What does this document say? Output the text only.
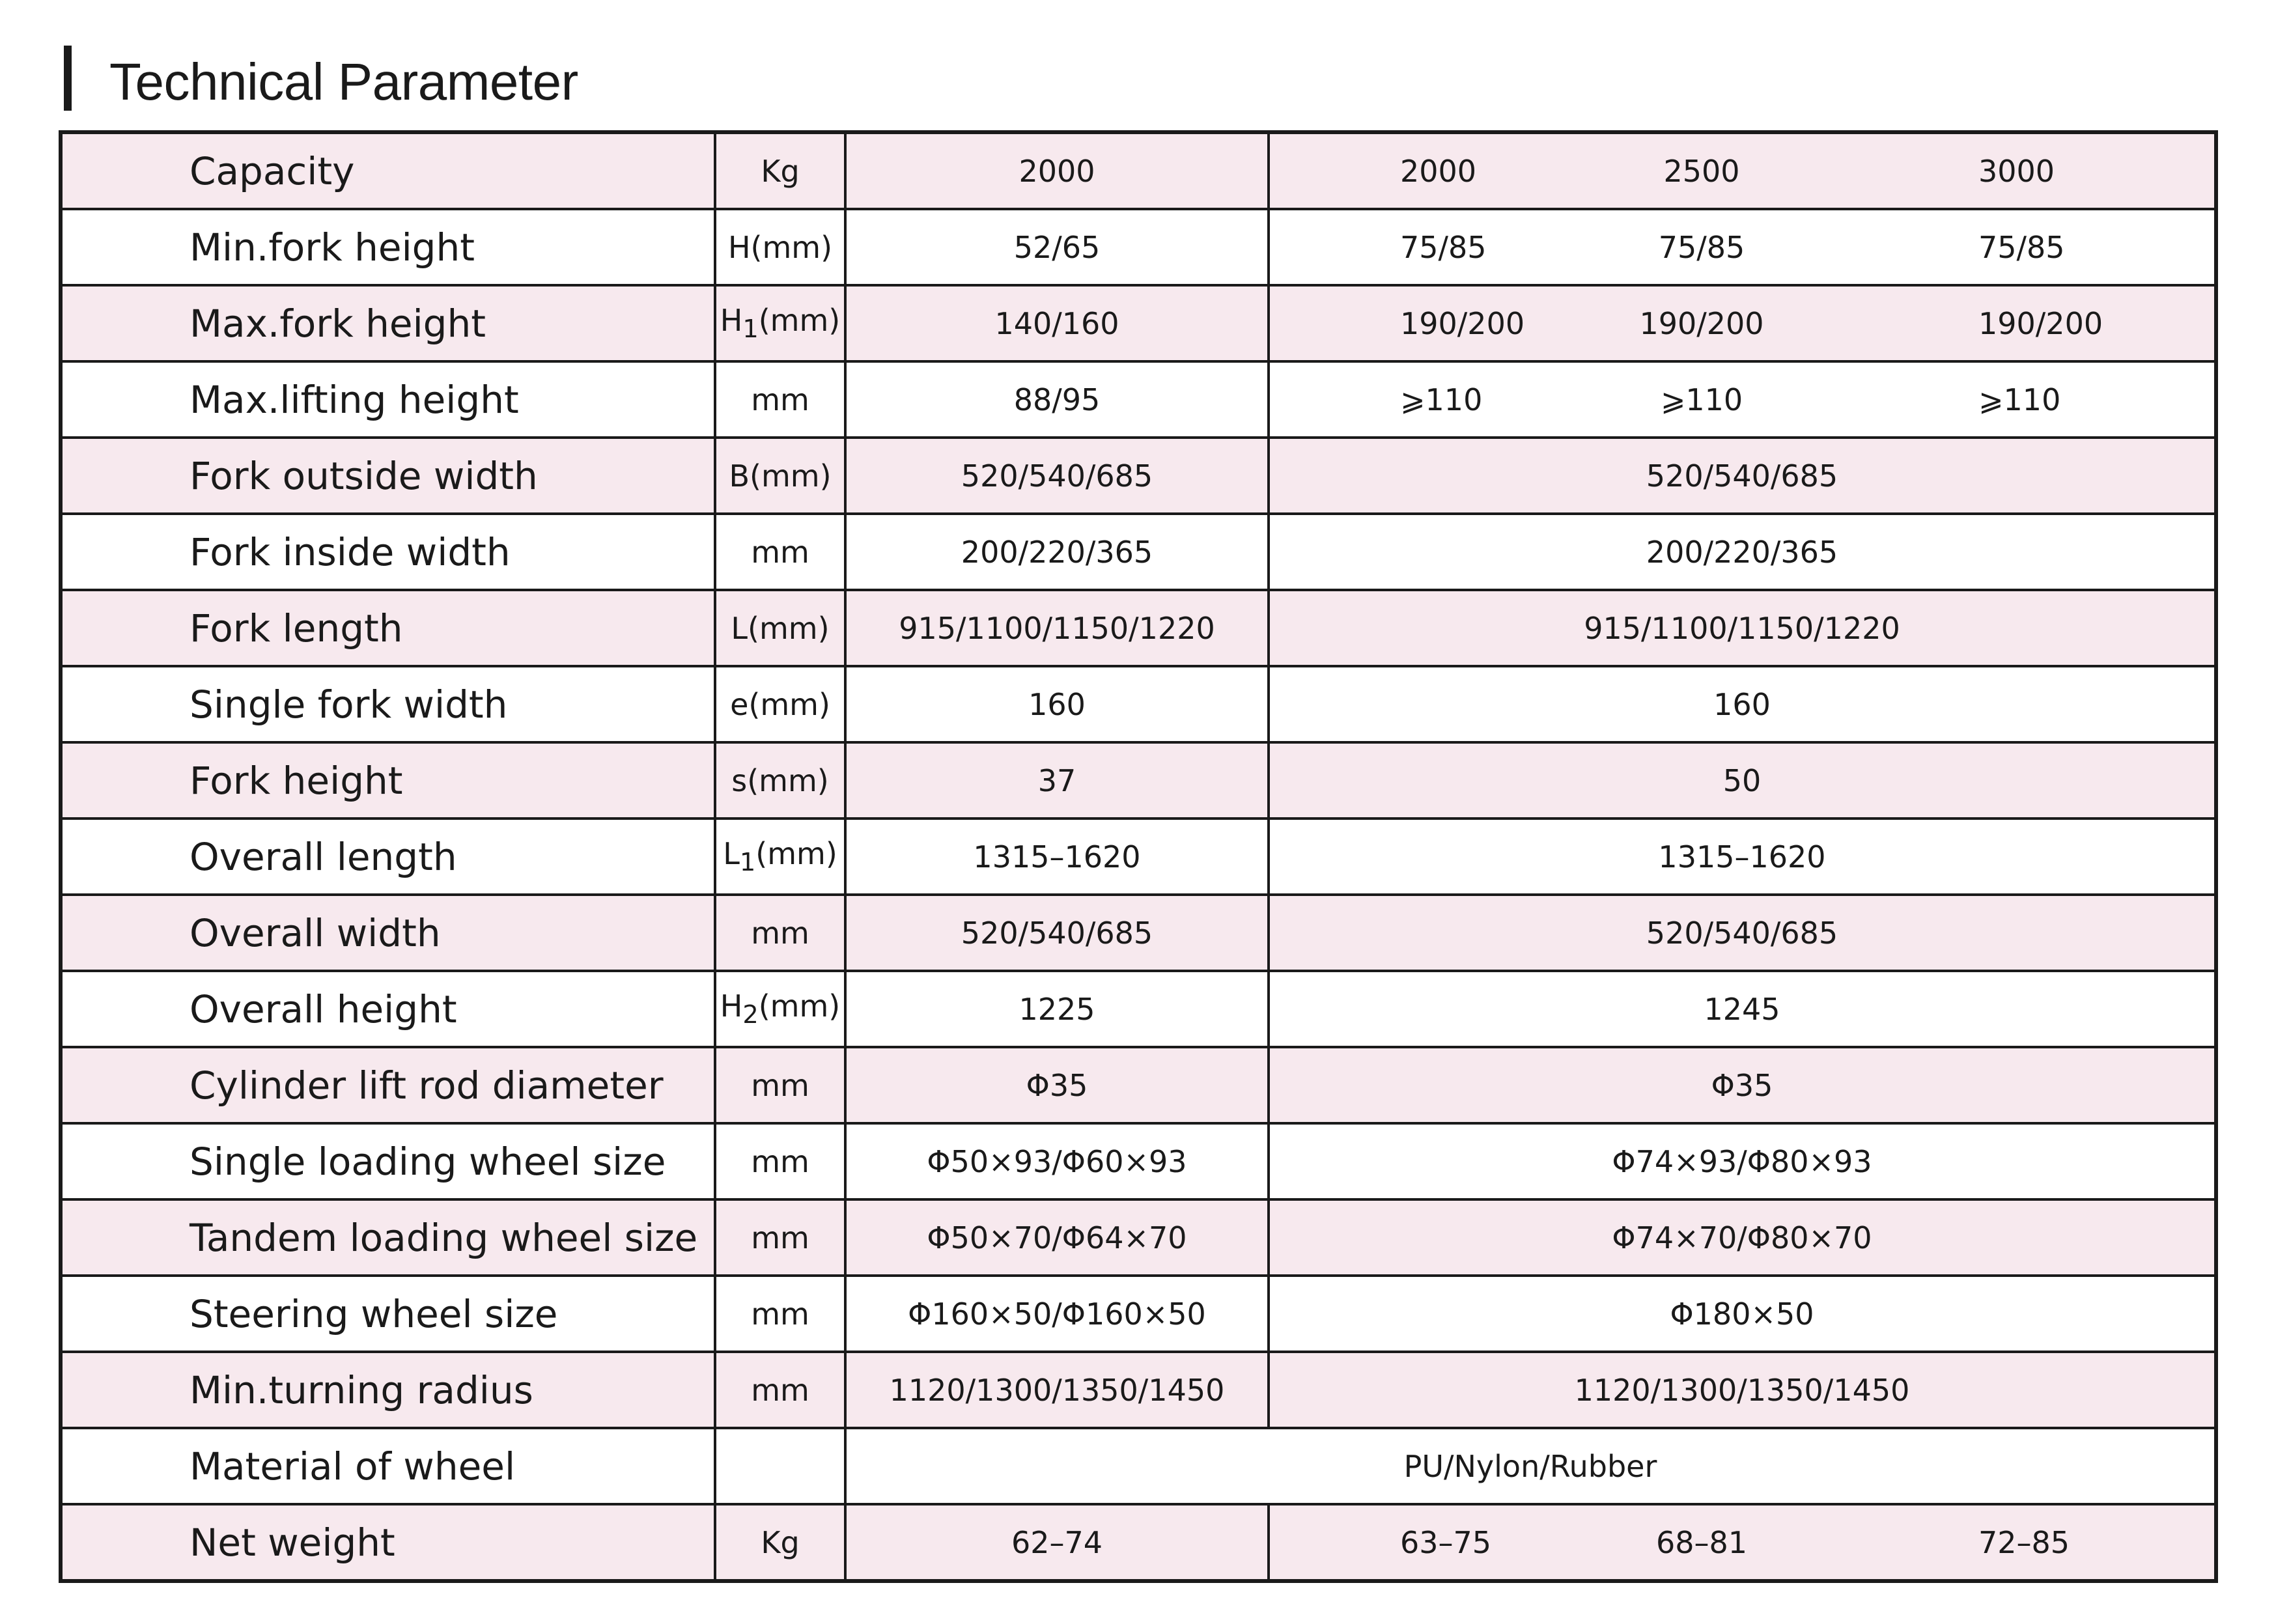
Technical Parameter
Capacity	Kg	2000	2000	2500	3000
Min.fork height	H(mm)	52/65	75/85	75/85	75/85
Max.fork height	$H_1(mm)$	140/160	190/200	190/200	190/200
Max.lifting height	mm	88/95	⩾110	⩾110	⩾110
Fork outside width	B(mm)	520/540/685	520/540/685		
Fork inside width	mm	200/220/365	200/220/365		
Fork length	L(mm)	915/1100/1150/1220	915/1100/1150/1220		
Single fork width	e(mm)	160	160		
Fork height	s(mm)	37	50		
Overall length	$L_1(mm)$	1315–1620	1315–1620		
Overall width	mm	520/540/685	520/540/685		
Overall height	$H_2(mm)$	1225	1245		
Cylinder lift rod diameter	mm	Φ35	Φ35		
Single loading wheel size	mm	Φ50×93/Φ60×93	Φ74×93/Φ80×93		
Tandem loading wheel size	mm	Φ50×70/Φ64×70	Φ74×70/Φ80×70		
Steering wheel size	mm	Φ160×50/Φ160×50	Φ180×50		
Min.turning radius	mm	1120/1300/1350/1450	1120/1300/1350/1450		
Material of wheel		PU/Nylon/Rubber			
Net weight	Kg	62–74	63–75	68–81	72–85
